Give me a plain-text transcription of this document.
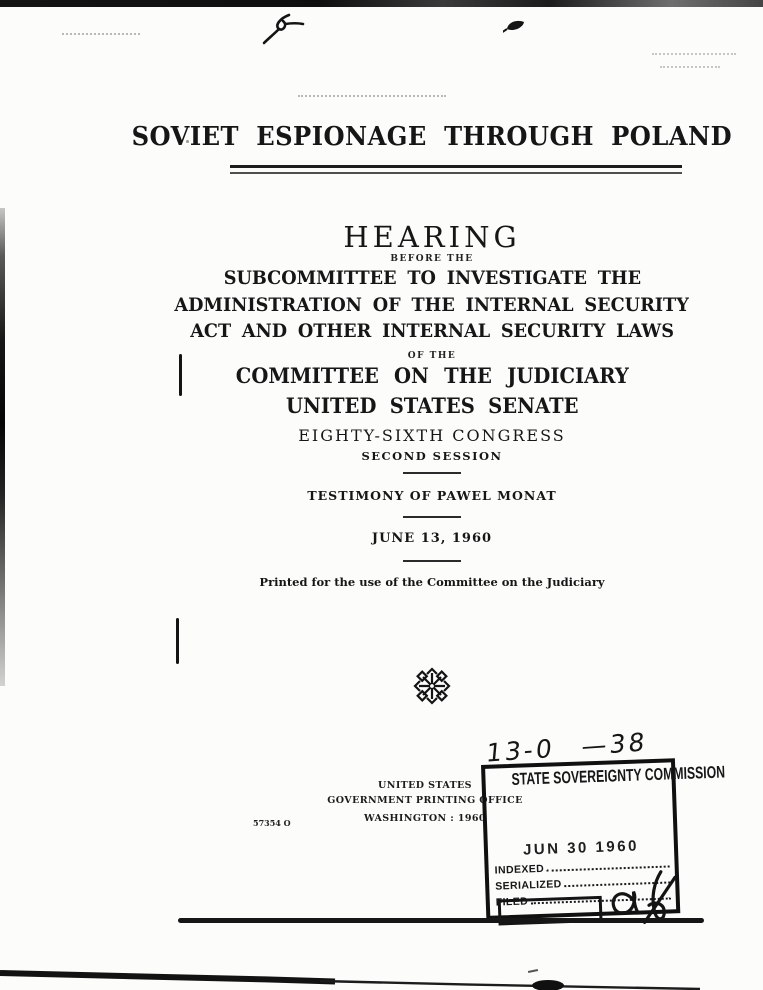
SOVIET ESPIONAGE THROUGH POLAND
HEARING
BEFORE THE
SUBCOMMITTEE TO INVESTIGATE THE
ADMINISTRATION OF THE INTERNAL SECURITY
ACT AND OTHER INTERNAL SECURITY LAWS
OF THE
COMMITTEE ON THE JUDICIARY
UNITED STATES SENATE
EIGHTY-SIXTH CONGRESS
SECOND SESSION
TESTIMONY OF PAWEL MONAT
JUNE 13, 1960
Printed for the use of the Committee on the Judiciary
UNITED STATES
GOVERNMENT PRINTING OFFICE
WASHINGTON : 1960
57354 O
13-0 —38
STATE SOVEREIGNTY COMMISSION
JUN 30 1960
INDEXED
SERIALIZED
FILED
